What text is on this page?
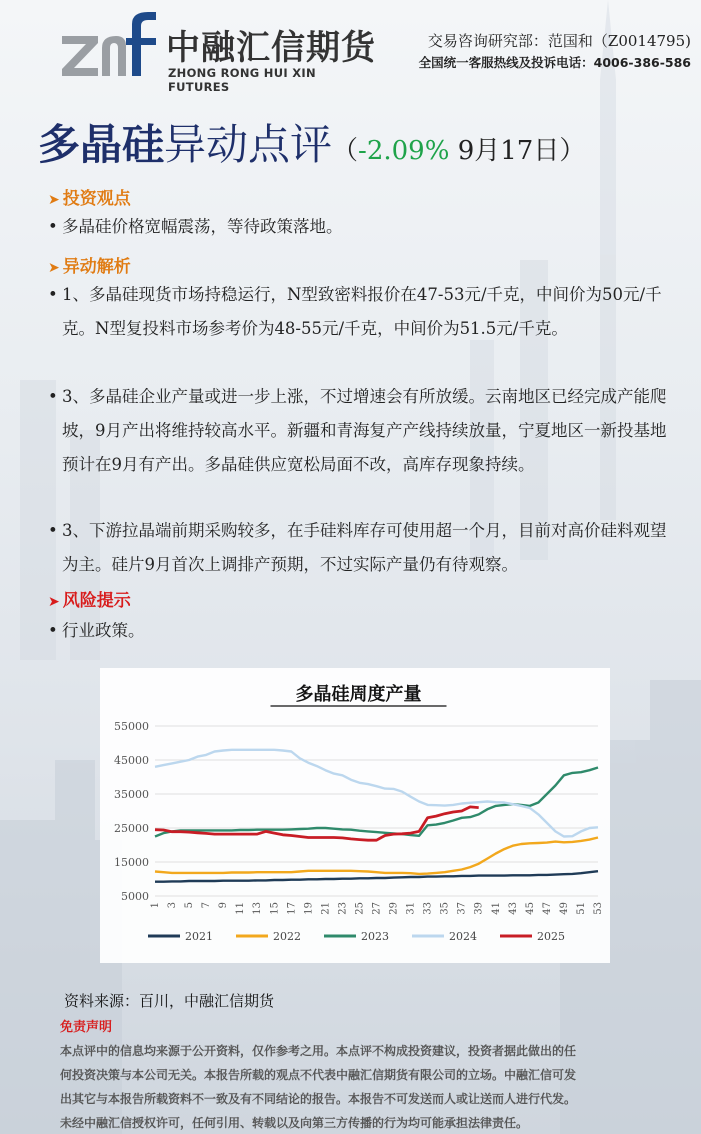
中融汇信期货
ZHONG RONG HUI XIN FUTURES
交易咨询研究部：范国和（Z0014795)
全国统一客服热线及投诉电话：4006-386-586
多晶硅异动点评（-2.09% 9月17日）
➤ 投资观点
• 多晶硅价格宽幅震荡，等待政策落地。
➤ 异动解析
• 1、多晶硅现货市场持稳运行，N型致密料报价在47-53元/千克，中间价为50元/千克。N型复投料市场参考价为48-55元/千克，中间价为51.5元/千克。
• 3、多晶硅企业产量或进一步上涨，不过增速会有所放缓。云南地区已经完成产能爬坡，9月产出将维持较高水平。新疆和青海复产产线持续放量，宁夏地区一新投基地预计在9月有产出。多晶硅供应宽松局面不改，高库存现象持续。
• 3、下游拉晶端前期采购较多，在手硅料库存可使用超一个月，目前对高价硅料观望为主。硅片9月首次上调排产预期，不过实际产量仍有待观察。
➤ 风险提示
• 行业政策。
多晶硅周度产量
5000
15000
25000
35000
45000
55000
1 3 5 7 9 11 13 15 17 19 21 23 25 27 29 31 33 35 37 39 41 43 45 47 49 51 53
2021	2022	2023	2024	2025
资料来源：百川，中融汇信期货
免责声明
本点评中的信息均来源于公开资料，仅作参考之用。本点评不构成投资建议，投资者据此做出的任
何投资决策与本公司无关。本报告所载的观点不代表中融汇信期货有限公司的立场。中融汇信可发
出其它与本报告所载资料不一致及有不同结论的报告。本报告不可发送而人或让送而人进行代发。
未经中融汇信授权许可，任何引用、转载以及向第三方传播的行为均可能承担法律责任。
